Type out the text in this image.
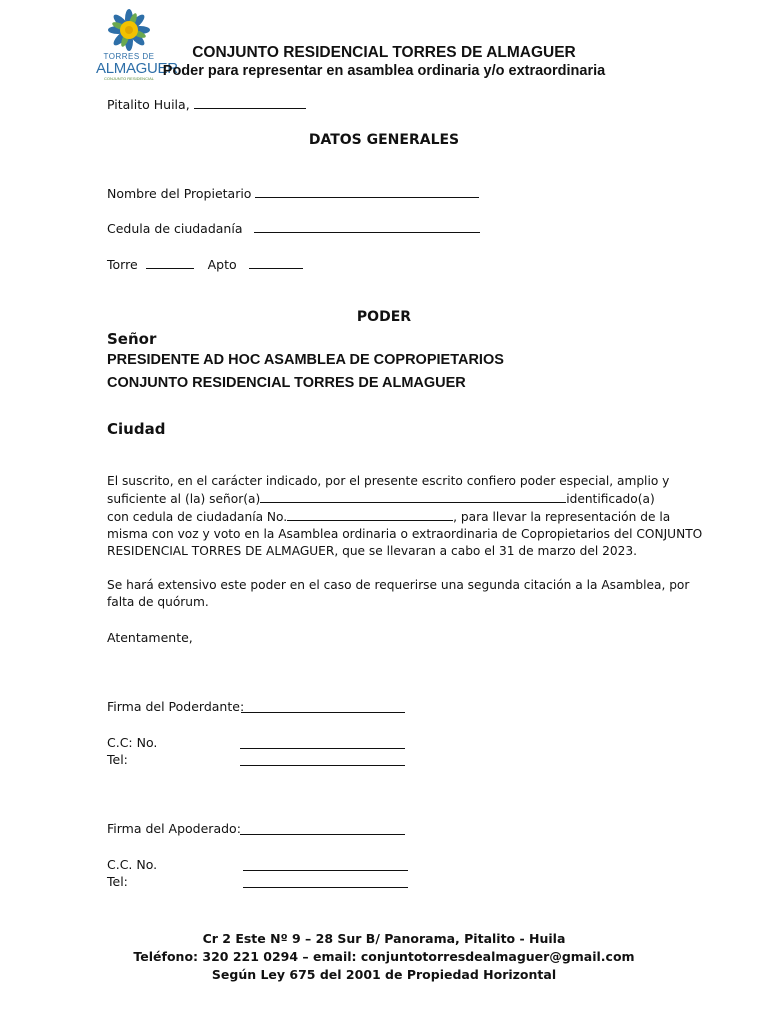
TORRES DE
ALMAGUER
CONJUNTO RESIDENCIAL
CONJUNTO RESIDENCIAL TORRES DE ALMAGUER
Poder para representar en asamblea ordinaria y/o extraordinaria
Pitalito Huila,
DATOS GENERALES
Nombre del Propietario
Cedula de ciudadanía
Torre	Apto
PODER
Señor
PRESIDENTE AD HOC ASAMBLEA DE COPROPIETARIOS
CONJUNTO RESIDENCIAL TORRES DE ALMAGUER
Ciudad
El suscrito, en el carácter indicado, por el presente escrito confiero poder especial, amplio y
suficiente al (la) señor(a)	identificado(a)
con cedula de ciudadanía No.	, para llevar la representación de la
misma con voz y voto en la Asamblea ordinaria o extraordinaria de Copropietarios del CONJUNTO
RESIDENCIAL TORRES DE ALMAGUER, que se llevaran a cabo el 31 de marzo del 2023.
Se hará extensivo este poder en el caso de requerirse una segunda citación a la Asamblea, por
falta de quórum.
Atentamente,
Firma del Poderdante:
C.C: No.
Tel:
Firma del Apoderado:
C.C. No.
Tel:
Cr 2 Este Nº 9 – 28 Sur B/ Panorama, Pitalito - Huila
Teléfono: 320 221 0294 – email: conjuntotorresdealmaguer@gmail.com
Según Ley 675 del 2001 de Propiedad Horizontal
